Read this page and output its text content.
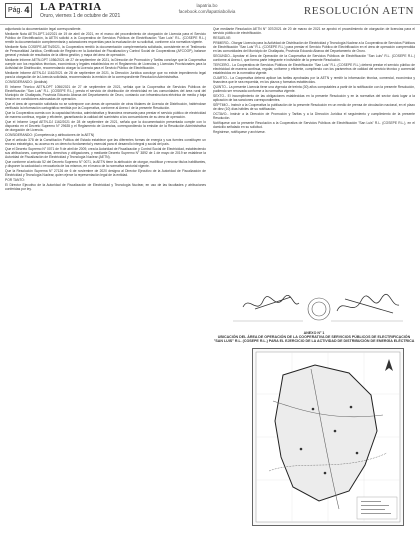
Pág. 4 LA PATRIA
Oruro, viernes 1 de octubre de 2021
lapatria.bo
facebook.com/lapatriabolivia	RESOLUCIÓN AETN

adjuntando la documentación legal correspondiente.

Mediante Nota AETN-DPT-14/2021 de 19 de abril de 2021, en el marco del procedimiento de otorgación de Licencia para el Servicio Público de Electrificación, la AETN solicitó a la Cooperativa de Servicios Públicos de Electrificación "San Luis" R.L. (COSEPE R.L.) remitir la documentación complementaria y aclaraciones requeridas para la evaluación de su solicitud, conforme a la normativa vigente.

Mediante Nota COSEPE-AETN/2021, la Cooperativa remitió la documentación complementaria solicitada, consistente en el Testimonio de Personalidad Jurídica, Certificado de Registro en la Autoridad de Fiscalización y Control Social de Cooperativas (AFCOOP), balance general y estado de resultados de la última gestión, y mapa del área de operación.

Mediante Informe AETN-DPT 1056/2021 de 27 de septiembre de 2021, la Dirección de Promoción y Tarifas concluye que la Cooperativa cumple con los requisitos técnicos, económicos y legales establecidos en el Reglamento de Licencias y Licencias Provisionales para la Actividad de Distribución, recomendando otorgar la Licencia para el Servicio Público de Electrificación.

Mediante Informe AETN-DJ 1162/2021 de 28 de septiembre de 2021, la Dirección Jurídica concluye que no existe impedimento legal para la otorgación de la Licencia solicitada, recomendando la emisión de la correspondiente Resolución Administrativa.

CONSIDERANDO: (Análisis)

El Informe Técnico AETN-DPT 1056/2021 de 27 de septiembre de 2021, señala que la Cooperativa de Servicios Públicos de Electrificación "San Luis" R.L. (COSEPE R.L.) presta el servicio de distribución de electricidad en las comunidades del área rural del Municipio de Challapata, Provincia Eduardo Abaroa del Departamento de Oruro, contando con infraestructura eléctrica de media y baja tensión en condiciones adecuadas de operación.

Que el área de operación solicitada no se sobrepone con áreas de operación de otros titulares de Licencia de Distribución, habiéndose verificado la información cartográfica remitida por la Cooperativa, conforme al Anexo I de la presente Resolución.

Que la Cooperativa cuenta con la capacidad técnica, administrativa y financiera necesaria para prestar el servicio público de electricidad de manera continua, regular y eficiente, garantizando la calidad del suministro a los consumidores de su área de operación.

Que el Informe Legal AETN-DJ 1162/2021 de 28 de septiembre de 2021, señala que la documentación presentada cumple con lo dispuesto en el Decreto Supremo N° 29635 y el Reglamento de Licencias, correspondiendo la emisión de la Resolución Administrativa de otorgación de Licencia.

CONSIDERANDO: (Competencia y atribuciones de la AETN)

Que el artículo 378 de la Constitución Política del Estado establece que las diferentes formas de energía y sus fuentes constituyen un recurso estratégico, su acceso es un derecho fundamental y esencial para el desarrollo integral y social del país.

Que el Decreto Supremo N° 0071 de 9 de abril de 2009, crea la Autoridad de Fiscalización y Control Social de Electricidad, estableciendo sus atribuciones, competencias, derechos y obligaciones, y mediante Decreto Supremo N° 3892 de 1 de mayo de 2019 se establece la Autoridad de Fiscalización de Electricidad y Tecnología Nuclear (AETN).

Que conforme al artículo 52 del Decreto Supremo N° 0071, la AETN tiene la atribución de otorgar, modificar y renovar títulos habilitantes, y disponer la caducidad o revocatoria de los mismos, en el marco de la normativa sectorial vigente.

Que la Resolución Suprema N° 27126 de 6 de noviembre de 2020 designa al Director Ejecutivo de la Autoridad de Fiscalización de Electricidad y Tecnología Nuclear, quien ejerce la representación legal de la entidad.

POR TANTO:

El Director Ejecutivo de la Autoridad de Fiscalización de Electricidad y Tecnología Nuclear, en uso de las facultades y atribuciones conferidas por ley.

Que mediante Resolución AETN N° 307/2021 de 20 de marzo de 2021 se aprobó el procedimiento de otorgación de licencias para el servicio público de electrificación.

RESUELVE:

PRIMERO.- Otorgar Licencia para la Actividad de Distribución de Electricidad y Tecnología Nuclear a la Cooperativa de Servicios Públicos de Electrificación "San Luis" R.L. (COSEPE R.L.) para prestar el Servicio Público de Electrificación en el área de operación comprendida en las comunidades del Municipio de Challapata, Provincia Eduardo Abaroa del Departamento de Oruro.

SEGUNDO.- Aprobar el Área de Operación de la Cooperativa de Servicios Públicos de Electrificación "San Luis" R.L. (COSEPE R.L.) conforme al Anexo I, que forma parte integrante e indivisible de la presente Resolución.

TERCERO.- La Cooperativa de Servicios Públicos de Electrificación "San Luis" R.L. (COSEPE R.L.) deberá prestar el servicio público de electricidad de manera continua, regular, uniforme y eficiente, cumpliendo con los parámetros de calidad del servicio técnico y comercial establecidos en la normativa vigente.

CUARTO.- La Cooperativa deberá aplicar las tarifas aprobadas por la AETN y remitir la información técnica, comercial, económica y financiera que le sea requerida, en los plazos y formatos establecidos.

QUINTO.- La presente Licencia tiene una vigencia de treinta (30) años computables a partir de la notificación con la presente Resolución, pudiendo ser renovada conforme a la normativa vigente.

SEXTO.- El incumplimiento de las obligaciones establecidas en la presente Resolución y en la normativa del sector dará lugar a la aplicación de las sanciones correspondientes.

SÉPTIMO.- Instruir a la Cooperativa la publicación de la presente Resolución en un medio de prensa de circulación nacional, en el plazo de diez (10) días hábiles de su notificación.

OCTAVO.- Instruir a la Dirección de Promoción y Tarifas y a la Dirección Jurídica el seguimiento y cumplimiento de la presente Resolución.

Notifíquese con la presente Resolución a la Cooperativa de Servicios Públicos de Electrificación "San Luis" R.L. (COSEPE R.L.), en el domicilio señalado en su solicitud.

Regístrese, notifíquese y archívese.

ANEXO N° 1
UBICACIÓN DEL ÁREA DE OPERACIÓN DE LA COOPERATIVA DE SERVICIOS PÚBLICOS DE ELECTRIFICACIÓN "SAN LUIS" R.L. (COSEPE R.L.) PARA EL EJERCICIO DE LA ACTIVIDAD DE DISTRIBUCIÓN DE ENERGÍA ELÉCTRICA
